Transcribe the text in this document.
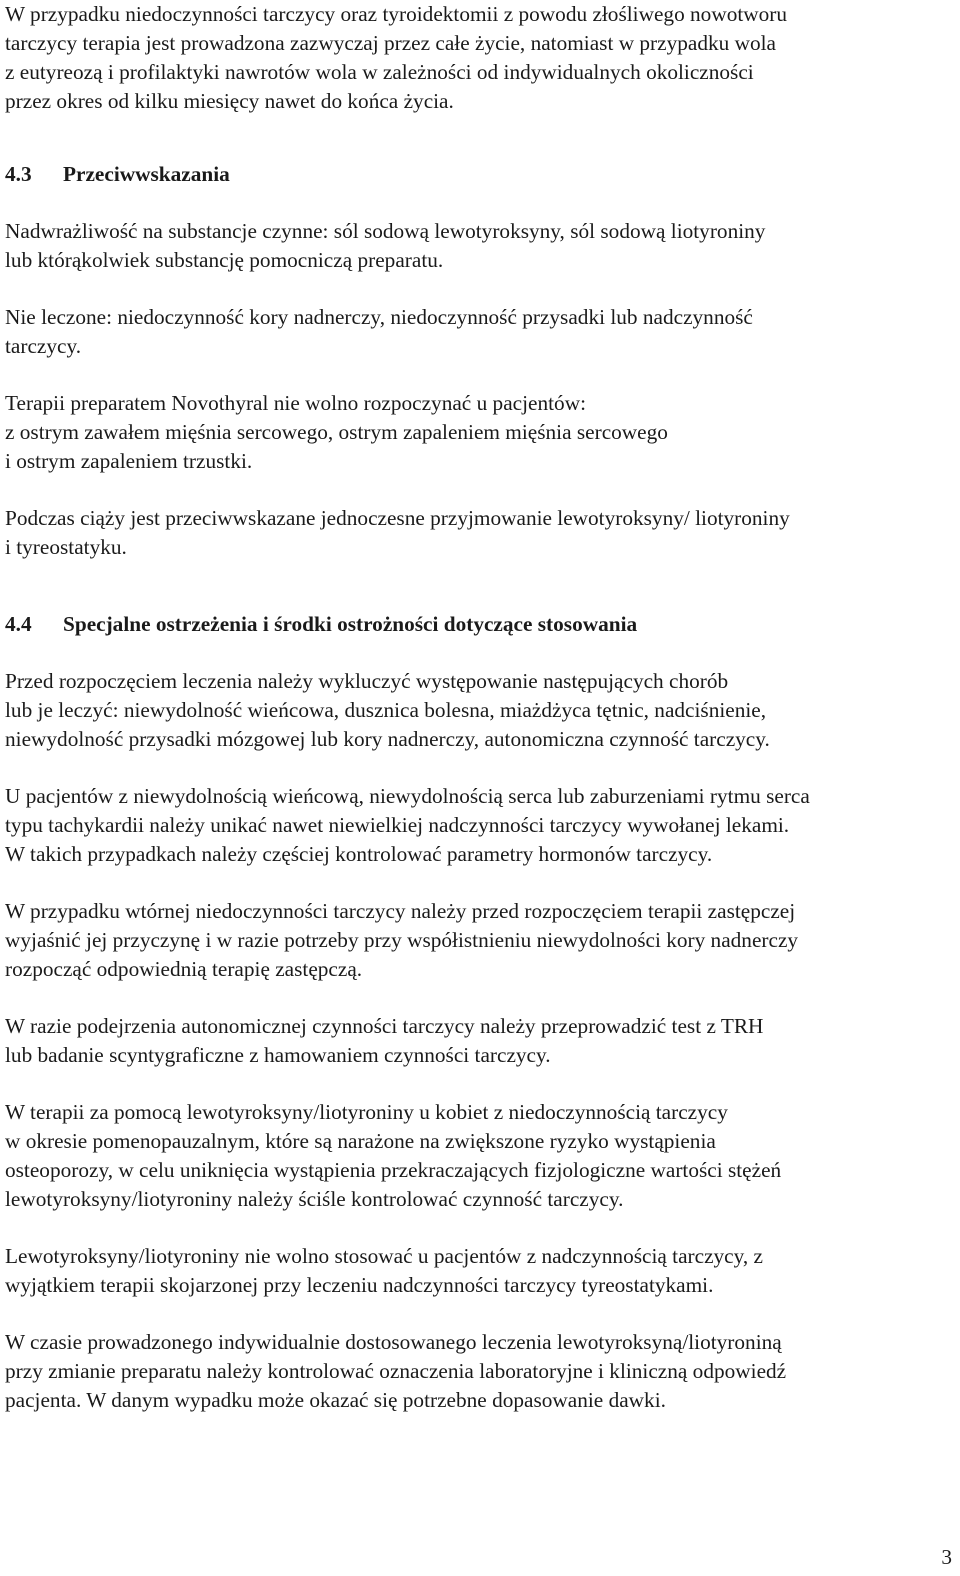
W przypadku niedoczynności tarczycy oraz tyroidektomii z powodu złośliwego nowotworu
tarczycy terapia jest prowadzona zazwyczaj przez całe życie, natomiast w przypadku wola
z eutyreozą i profilaktyki nawrotów wola w zależności od indywidualnych okoliczności
przez okres od kilku miesięcy nawet do końca życia.
4.3 Przeciwwskazania
Nadwrażliwość na substancje czynne: sól sodową lewotyroksyny, sól sodową liotyroniny
lub którąkolwiek substancję pomocniczą preparatu.
Nie leczone: niedoczynność kory nadnerczy, niedoczynność przysadki lub nadczynność
tarczycy.
Terapii preparatem Novothyral nie wolno rozpoczynać u pacjentów:
z ostrym zawałem mięśnia sercowego, ostrym zapaleniem mięśnia sercowego
i ostrym zapaleniem trzustki.
Podczas ciąży jest przeciwwskazane jednoczesne przyjmowanie lewotyroksyny/ liotyroniny
i tyreostatyku.
4.4 Specjalne ostrzeżenia i środki ostrożności dotyczące stosowania
Przed rozpoczęciem leczenia należy wykluczyć występowanie następujących chorób
lub je leczyć: niewydolność wieńcowa, dusznica bolesna, miażdżyca tętnic, nadciśnienie,
niewydolność przysadki mózgowej lub kory nadnerczy, autonomiczna czynność tarczycy.
U pacjentów z niewydolnością wieńcową, niewydolnością serca lub zaburzeniami rytmu serca
typu tachykardii należy unikać nawet niewielkiej nadczynności tarczycy wywołanej lekami.
W takich przypadkach należy częściej kontrolować parametry hormonów tarczycy.
W przypadku wtórnej niedoczynności tarczycy należy przed rozpoczęciem terapii zastępczej
wyjaśnić jej przyczynę i w razie potrzeby przy współistnieniu niewydolności kory nadnerczy
rozpocząć odpowiednią terapię zastępczą.
W razie podejrzenia autonomicznej czynności tarczycy należy przeprowadzić test z TRH
lub badanie scyntygraficzne z hamowaniem czynności tarczycy.
W terapii za pomocą lewotyroksyny/liotyroniny u kobiet z niedoczynnością tarczycy
w okresie pomenopauzalnym, które są narażone na zwiększone ryzyko wystąpienia
osteoporozy, w celu uniknięcia wystąpienia przekraczających fizjologiczne wartości stężeń
lewotyroksyny/liotyroniny należy ściśle kontrolować czynność tarczycy.
Lewotyroksyny/liotyroniny nie wolno stosować u pacjentów z nadczynnością tarczycy, z
wyjątkiem terapii skojarzonej przy leczeniu nadczynności tarczycy tyreostatykami.
W czasie prowadzonego indywidualnie dostosowanego leczenia lewotyroksyną/liotyroniną
przy zmianie preparatu należy kontrolować oznaczenia laboratoryjne i kliniczną odpowiedź
pacjenta. W danym wypadku może okazać się potrzebne dopasowanie dawki.
3
